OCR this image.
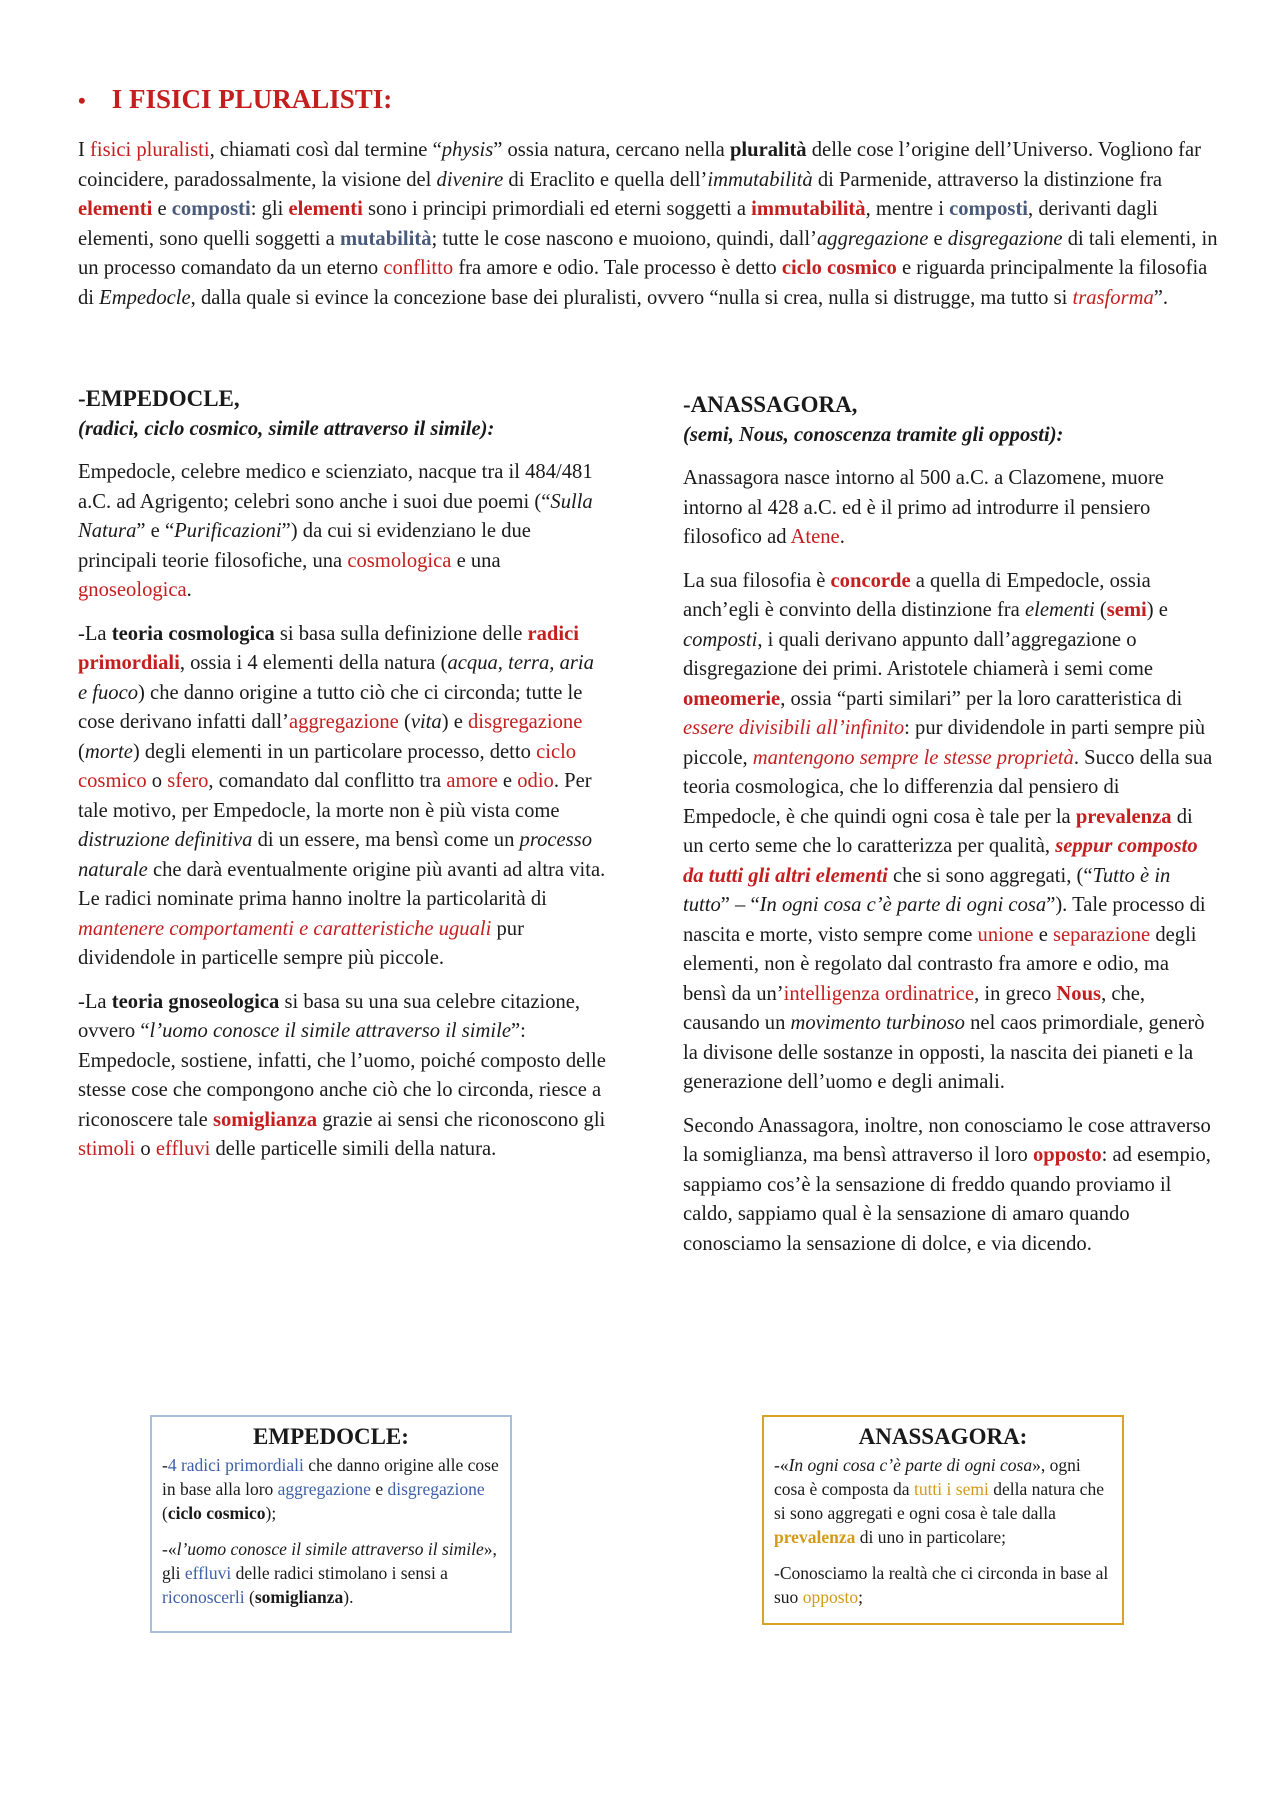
• I FISICI PLURALISTI:

I fisici pluralisti, chiamati così dal termine “physis” ossia natura, cercano nella pluralità delle cose l’origine dell’Universo. Vogliono far coincidere, paradossalmente, la visione del divenire di Eraclito e quella dell’immutabilità di Parmenide, attraverso la distinzione fra elementi e composti: gli elementi sono i principi primordiali ed eterni soggetti a immutabilità, mentre i composti, derivanti dagli elementi, sono quelli soggetti a mutabilità; tutte le cose nascono e muoiono, quindi, dall’aggregazione e disgregazione di tali elementi, in un processo comandato da un eterno conflitto fra amore e odio. Tale processo è detto ciclo cosmico e riguarda principalmente la filosofia di Empedocle, dalla quale si evince la concezione base dei pluralisti, ovvero “nulla si crea, nulla si distrugge, ma tutto si trasforma”.

-EMPEDOCLE,
(radici, ciclo cosmico, simile attraverso il simile):

Empedocle, celebre medico e scienziato, nacque tra il 484/481 a.C. ad Agrigento; celebri sono anche i suoi due poemi (“Sulla Natura” e “Purificazioni”) da cui si evidenziano le due principali teorie filosofiche, una cosmologica e una gnoseologica.

-La teoria cosmologica si basa sulla definizione delle radici primordiali, ossia i 4 elementi della natura (acqua, terra, aria e fuoco) che danno origine a tutto ciò che ci circonda; tutte le cose derivano infatti dall’aggregazione (vita) e disgregazione (morte) degli elementi in un particolare processo, detto ciclo cosmico o sfero, comandato dal conflitto tra amore e odio. Per tale motivo, per Empedocle, la morte non è più vista come distruzione definitiva di un essere, ma bensì come un processo naturale che darà eventualmente origine più avanti ad altra vita. Le radici nominate prima hanno inoltre la particolarità di mantenere comportamenti e caratteristiche uguali pur dividendole in particelle sempre più piccole.

-La teoria gnoseologica si basa su una sua celebre citazione, ovvero “l’uomo conosce il simile attraverso il simile”: Empedocle, sostiene, infatti, che l’uomo, poiché composto delle stesse cose che compongono anche ciò che lo circonda, riesce a riconoscere tale somiglianza grazie ai sensi che riconoscono gli stimoli o effluvi delle particelle simili della natura.

-ANASSAGORA,
(semi, Nous, conoscenza tramite gli opposti):

Anassagora nasce intorno al 500 a.C. a Clazomene, muore intorno al 428 a.C. ed è il primo ad introdurre il pensiero filosofico ad Atene.

La sua filosofia è concorde a quella di Empedocle, ossia anch’egli è convinto della distinzione fra elementi (semi) e composti, i quali derivano appunto dall’aggregazione o disgregazione dei primi. Aristotele chiamerà i semi come omeomerie, ossia “parti similari” per la loro caratteristica di essere divisibili all’infinito: pur dividendole in parti sempre più piccole, mantengono sempre le stesse proprietà. Succo della sua teoria cosmologica, che lo differenzia dal pensiero di Empedocle, è che quindi ogni cosa è tale per la prevalenza di un certo seme che lo caratterizza per qualità, seppur composto da tutti gli altri elementi che si sono aggregati, (“Tutto è in tutto” – “In ogni cosa c’è parte di ogni cosa”). Tale processo di nascita e morte, visto sempre come unione e separazione degli elementi, non è regolato dal contrasto fra amore e odio, ma bensì da un’intelligenza ordinatrice, in greco Nous, che, causando un movimento turbinoso nel caos primordiale, generò la divisone delle sostanze in opposti, la nascita dei pianeti e la generazione dell’uomo e degli animali.

Secondo Anassagora, inoltre, non conosciamo le cose attraverso la somiglianza, ma bensì attraverso il loro opposto: ad esempio, sappiamo cos’è la sensazione di freddo quando proviamo il caldo, sappiamo qual è la sensazione di amaro quando conosciamo la sensazione di dolce, e via dicendo.

EMPEDOCLE:

-4 radici primordiali che danno origine alle cose in base alla loro aggregazione e disgregazione (ciclo cosmico);

-«l’uomo conosce il simile attraverso il simile», gli effluvi delle radici stimolano i sensi a riconoscerli (somiglianza).

ANASSAGORA:

-«In ogni cosa c’è parte di ogni cosa», ogni cosa è composta da tutti i semi della natura che si sono aggregati e ogni cosa è tale dalla prevalenza di uno in particolare;

-Conosciamo la realtà che ci circonda in base al suo opposto;
